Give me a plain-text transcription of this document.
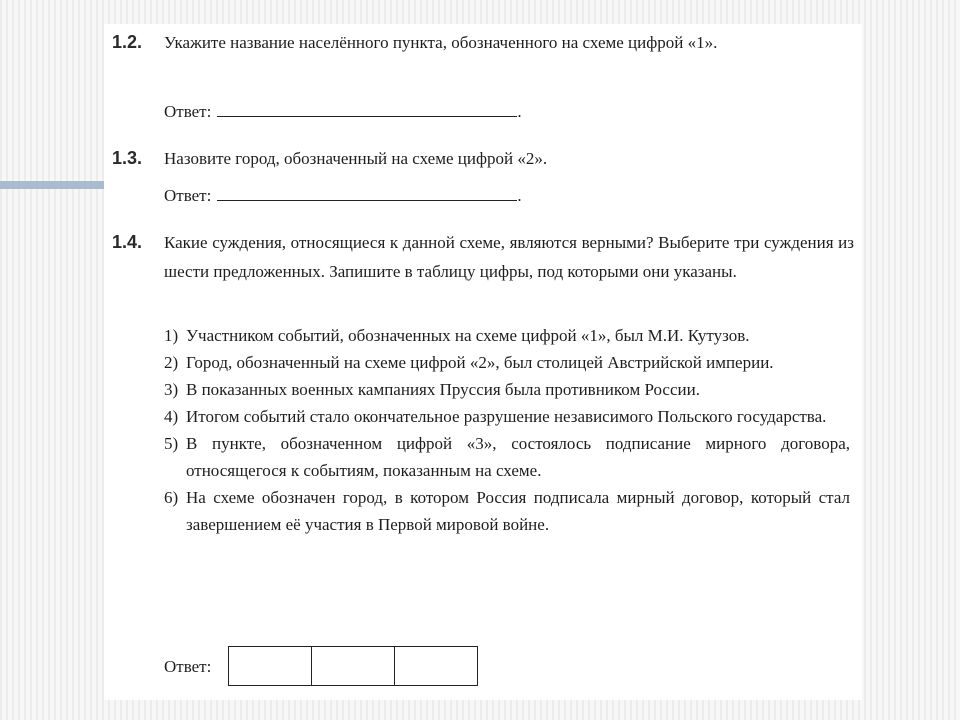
1.2. Укажите название населённого пункта, обозначенного на схеме цифрой «1».
Ответ:	.
1.3. Назовите город, обозначенный на схеме цифрой «2».
Ответ:	.
1.4. Какие суждения, относящиеся к данной схеме, являются верными? Выберите три суждения из шести предложенных. Запишите в таблицу цифры, под которыми они указаны.
1) Участником событий, обозначенных на схеме цифрой «1», был М.И. Кутузов.
2) Город, обозначенный на схеме цифрой «2», был столицей Австрийской империи.
3) В показанных военных кампаниях Пруссия была противником России.
4) Итогом событий стало окончательное разрушение независимого Польского государства.
5) В пункте, обозначенном цифрой «3», состоялось подписание мирного договора, относящегося к событиям, показанным на схеме.
6) На схеме обозначен город, в котором Россия подписала мирный договор, который стал завершением её участия в Первой мировой войне.
Ответ:
